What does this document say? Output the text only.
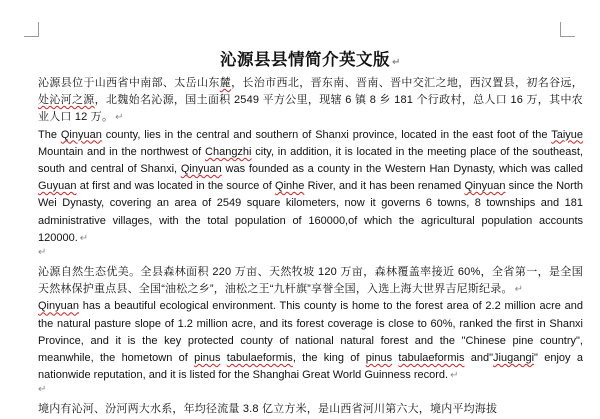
沁源县县情简介英文版 ↵

沁源县位于山西省中南部、太岳山东麓，长治市西北，晋东南、晋南、晋中交汇之地，西汉置县，初名谷远，处沁河之源，北魏始名沁源，国土面积 2549 平方公里，现辖 6 镇 8 乡 181 个行政村，总人口 16 万，其中农业人口 12 万。 ↵

The Qinyuan county, lies in the central and southern of Shanxi province, located in the east foot of the Taiyue Mountain and in the northwest of Changzhi city, in addition, it is located in the meeting place of the southeast, south and central of Shanxi, Qinyuan was founded as a county in the Western Han Dynasty, which was called Guyuan at first and was located in the source of Qinhe River, and it has been renamed Qinyuan since the North Wei Dynasty, covering an area of 2549 square kilometers, now it governs 6 towns, 8 townships and 181 administrative villages, with the total population of 160000,of which the agricultural population accounts 120000. ↵

↵

沁源自然生态优美。全县森林面积 220 万亩、天然牧坡 120 万亩，森林覆盖率接近 60%，全省第一，是全国天然林保护重点县、全国“油松之乡”，油松之王“九杆旗”享誉全国，入选上海大世界吉尼斯纪录。 ↵

Qinyuan has a beautiful ecological environment. This county is home to the forest area of 2.2 million acre and the natural pasture slope of 1.2 million acre, and its forest coverage is close to 60%, ranked the first in Shanxi Province, and it is the key protected county of national natural forest and the "Chinese pine country", meanwhile, the hometown of pinus tabulaeformis, the king of pinus tabulaeformis and"Jiugangi" enjoy a nationwide reputation, and it is listed for the Shanghai Great World Guinness record. ↵

↵

境内有沁河、汾河两大水系，年均径流量 3.8 亿立方米，是山西省河川第六大，境内平均海拔
